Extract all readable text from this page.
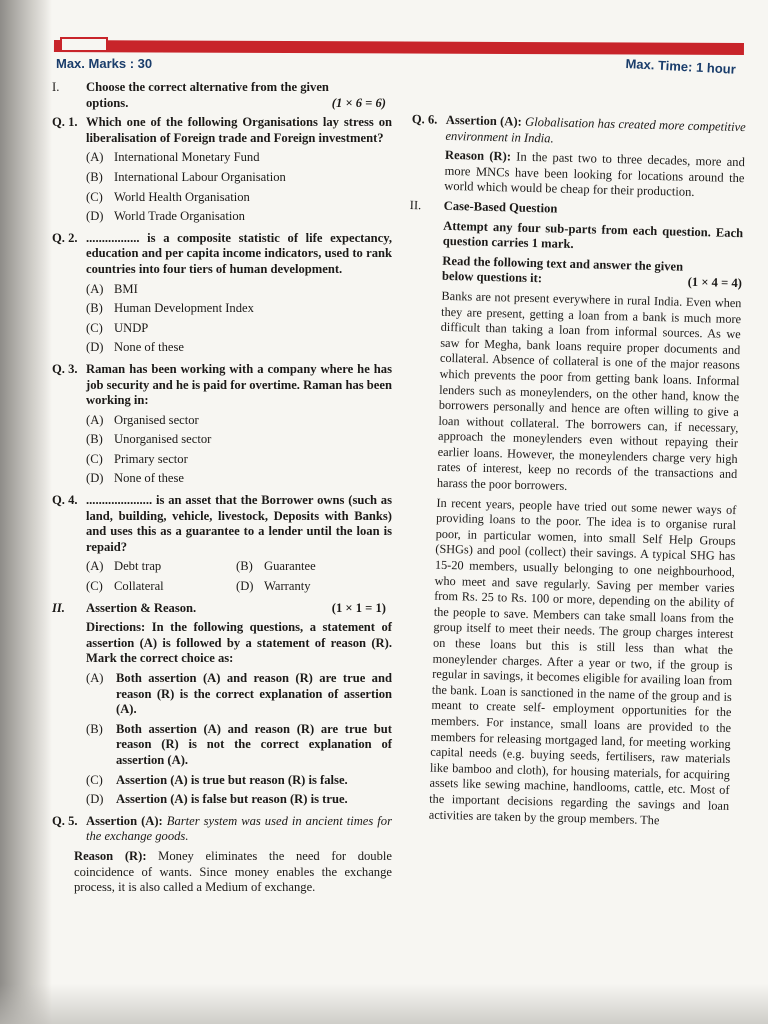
Max. Marks : 30	Max. Time: 1 hour
I. Choose the correct alternative from the given
options.	(1 × 6 = 6)
Q. 1. Which one of the following Organisations lay stress on liberalisation of Foreign trade and Foreign investment?
(A) International Monetary Fund
(B) International Labour Organisation
(C) World Health Organisation
(D) World Trade Organisation
Q. 2. ................. is a composite statistic of life expectancy, education and per capita income indicators, used to rank countries into four tiers of human development.
(A) BMI
(B) Human Development Index
(C) UNDP
(D) None of these
Q. 3. Raman has been working with a company where he has job security and he is paid for overtime. Raman has been working in:
(A) Organised sector
(B) Unorganised sector
(C) Primary sector
(D) None of these
Q. 4. ..................... is an asset that the Borrower owns (such as land, building, vehicle, livestock, Deposits with Banks) and uses this as a guarantee to a lender until the loan is repaid?
(A) Debt trap	(B) Guarantee
(C) Collateral	(D) Warranty
II. Assertion & Reason.	(1 × 1 = 1)
Directions: In the following questions, a statement of assertion (A) is followed by a statement of reason (R). Mark the correct choice as:
(A) Both assertion (A) and reason (R) are true and reason (R) is the correct explanation of assertion (A).
(B)	Both assertion (A) and reason (R) are true but reason (R) is not the correct explanation of assertion (A).
(C)	Assertion (A) is true but reason (R) is false.
(D) Assertion (A) is false but reason (R) is true.
Q. 5. Assertion (A): Barter system was used in ancient times for the exchange goods.
Reason (R): Money eliminates the need for double coincidence of wants. Since money enables the exchange process, it is also called a Medium of exchange.
Q. 6. Assertion (A): Globalisation has created more competitive environment in India.
Reason (R): In the past two to three decades, more and more MNCs have been looking for locations around the world which would be cheap for their production.
II. Case-Based Question
Attempt any four sub-parts from each question. Each question carries 1 mark.
Read the following text and answer the given
below questions it:	(1 × 4 = 4)
Banks are not present everywhere in rural India. Even when they are present, getting a loan from a bank is much more difficult than taking a loan from informal sources. As we saw for Megha, bank loans require proper documents and collateral. Absence of collateral is one of the major reasons which prevents the poor from getting bank loans. Informal lenders such as moneylenders, on the other hand, know the borrowers personally and hence are often willing to give a loan without collateral. The borrowers can, if necessary, approach the moneylenders even without repaying their earlier loans. However, the moneylenders charge very high rates of interest, keep no records of the transactions and harass the poor borrowers.
In recent years, people have tried out some newer ways of providing loans to the poor. The idea is to organise rural poor, in particular women, into small Self Help Groups (SHGs) and pool (collect) their savings. A typical SHG has 15-20 members, usually belonging to one neighbourhood, who meet and save regularly. Saving per member varies from Rs. 25 to Rs. 100 or more, depending on the ability of the people to save. Members can take small loans from the group itself to meet their needs. The group charges interest on these loans but this is still less than what the moneylender charges. After a year or two, if the group is regular in savings, it becomes eligible for availing loan from the bank. Loan is sanctioned in the name of the group and is meant to create self- employment opportunities for the members. For instance, small loans are provided to the members for releasing mortgaged land, for meeting working capital needs (e.g. buying seeds, fertilisers, raw materials like bamboo and cloth), for housing materials, for acquiring assets like sewing machine, handlooms, cattle, etc. Most of the important decisions regarding the savings and loan activities are taken by the group members. The
